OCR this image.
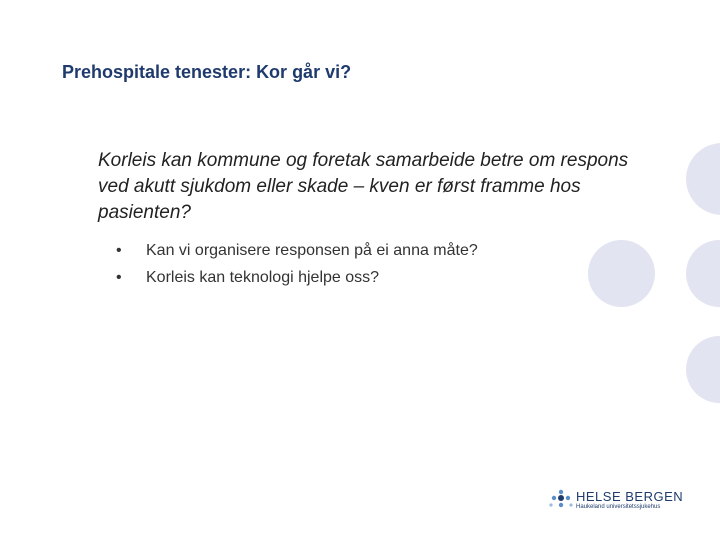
Prehospitale tenester: Kor går vi?
Korleis kan kommune og foretak samarbeide betre om respons ved akutt sjukdom eller skade – kven er først framme hos pasienten?
• Kan vi organisere responsen på ei anna måte?
• Korleis kan teknologi hjelpe oss?
HELSE BERGEN
Haukeland universitetssjukehus
